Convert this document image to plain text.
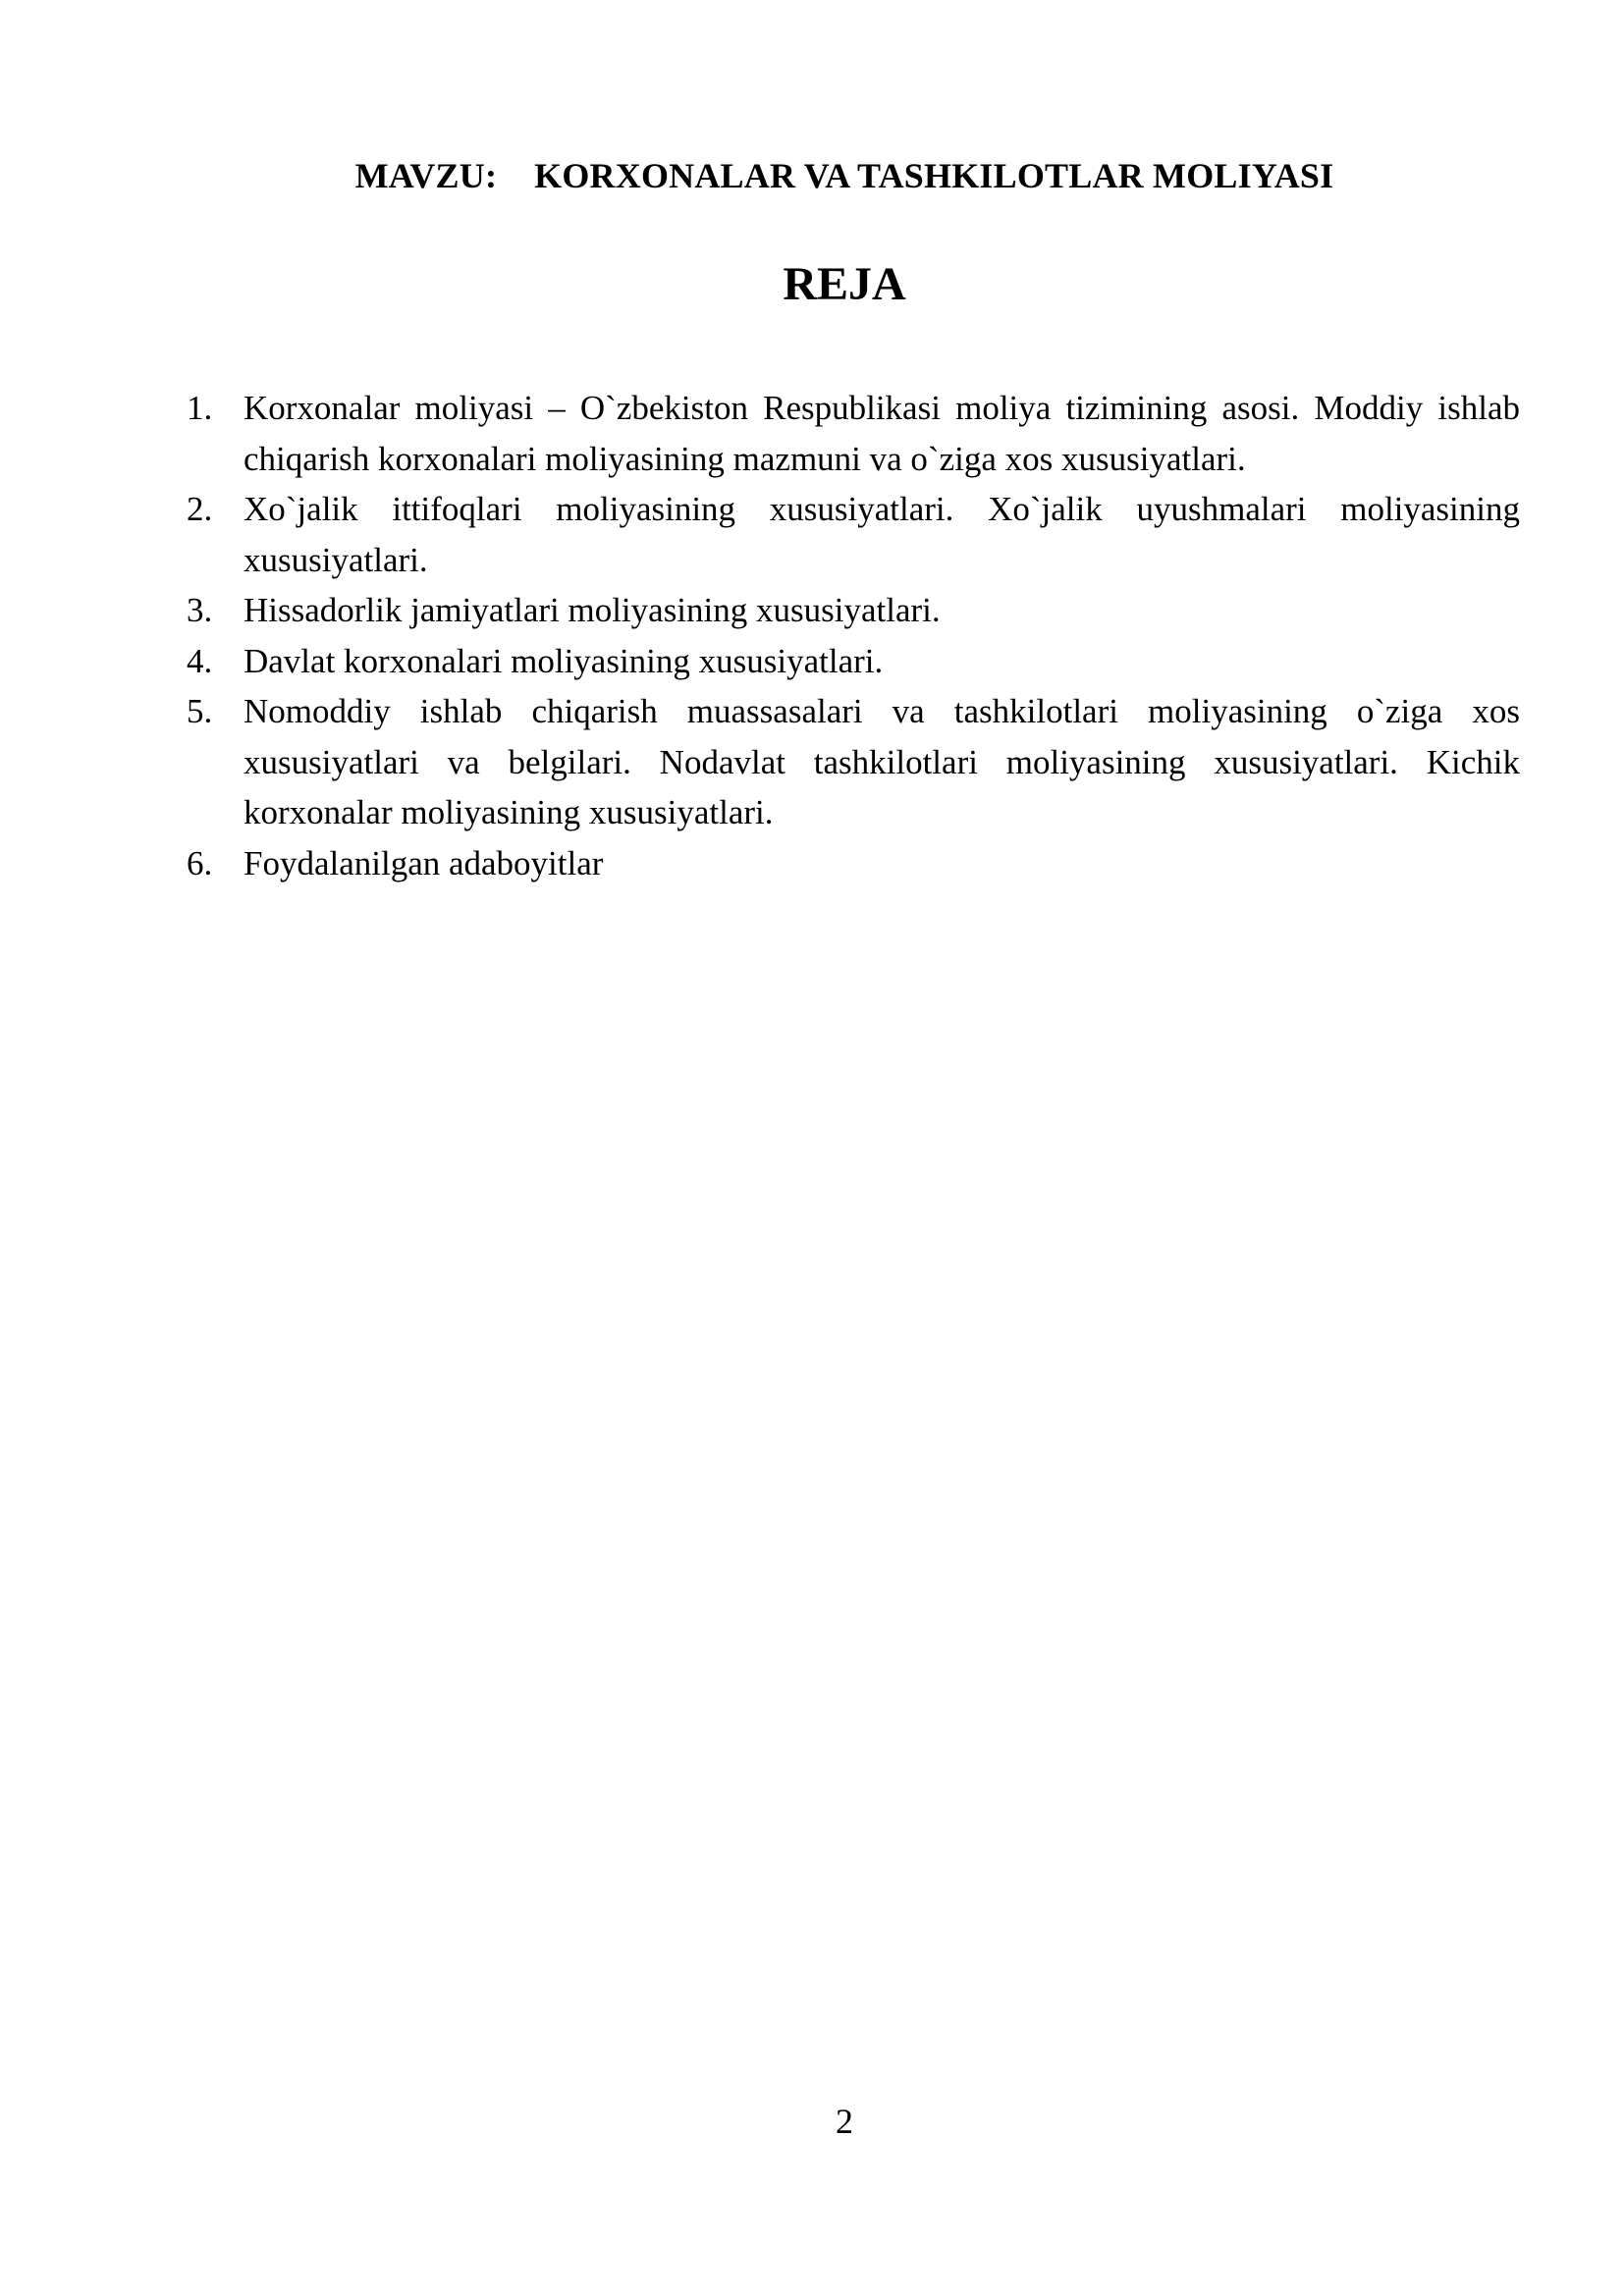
MAVZU: KORXONALAR VA TASHKILOTLAR MOLIYASI
REJA
1. Korxonalar moliyasi – O`zbekiston Respublikasi moliya tizimining asosi. Moddiy ishlab chiqarish korxonalari moliyasining mazmuni va o`ziga xos xususiyatlari.
2. Xo`jalik ittifoqlari moliyasining xususiyatlari. Xo`jalik uyushmalari moliyasining xususiyatlari.
3. Hissadorlik jamiyatlari moliyasining xususiyatlari.
4. Davlat korxonalari moliyasining xususiyatlari.
5. Nomoddiy ishlab chiqarish muassasalari va tashkilotlari moliyasining o`ziga xos xususiyatlari va belgilari. Nodavlat tashkilotlari moliyasining xususiyatlari. Kichik korxonalar moliyasining xususiyatlari.
6. Foydalanilgan adaboyitlar
2
